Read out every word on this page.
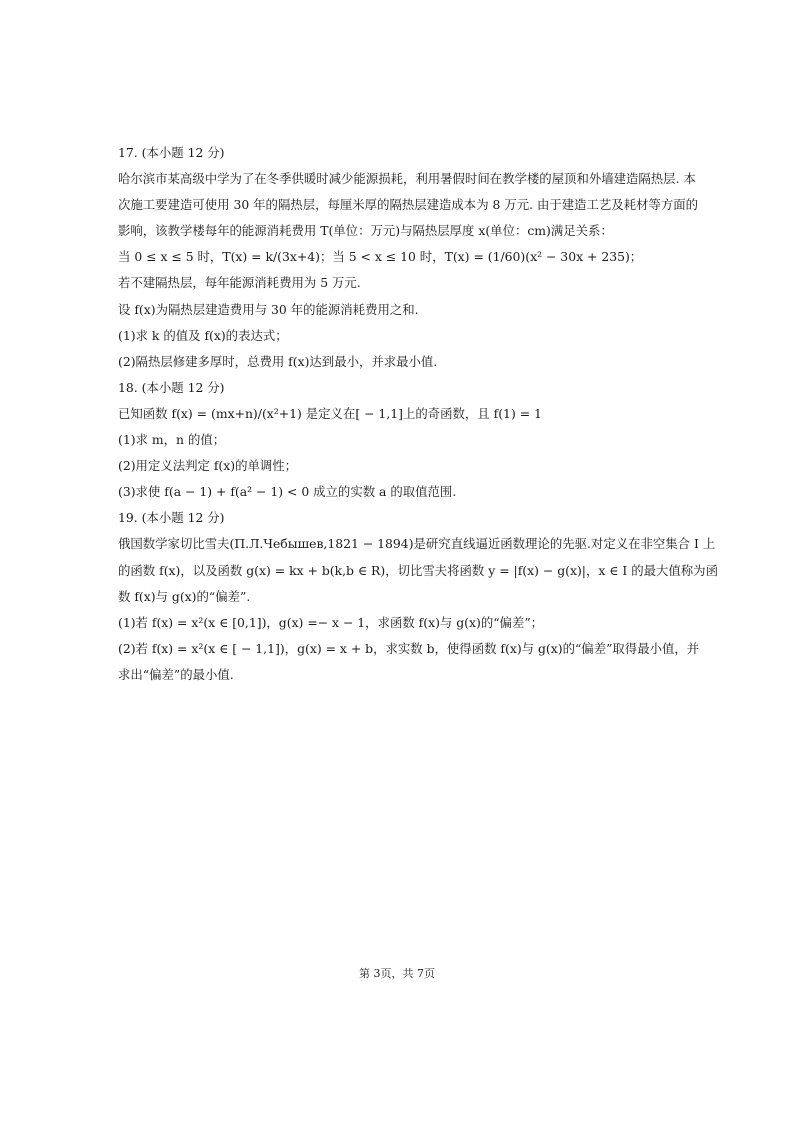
17. (本小题 12 分)
哈尔滨市某高级中学为了在冬季供暖时减少能源损耗，利用暑假时间在教学楼的屋顶和外墙建造隔热层. 本
次施工要建造可使用 30 年的隔热层，每厘米厚的隔热层建造成本为 8 万元. 由于建造工艺及耗材等方面的
影响，该教学楼每年的能源消耗费用 T(单位：万元)与隔热层厚度 x(单位：cm)满足关系：
当 0 ≤ x ≤ 5 时，T(x) = k/(3x+4)；当 5 < x ≤ 10 时，T(x) = (1/60)(x² − 30x + 235)；
若不建隔热层，每年能源消耗费用为 5 万元.
设 f(x)为隔热层建造费用与 30 年的能源消耗费用之和.
(1)求 k 的值及 f(x)的表达式；
(2)隔热层修建多厚时，总费用 f(x)达到最小，并求最小值.
18. (本小题 12 分)
已知函数 f(x) = (mx+n)/(x²+1) 是定义在[ − 1,1]上的奇函数，且 f(1) = 1
(1)求 m，n 的值；
(2)用定义法判定 f(x)的单调性；
(3)求使 f(a − 1) + f(a² − 1) < 0 成立的实数 a 的取值范围.
19. (本小题 12 分)
俄国数学家切比雪夫(П.Л.Чебышев,1821 − 1894)是研究直线逼近函数理论的先驱.对定义在非空集合 I 上
的函数 f(x)，以及函数 g(x) = kx + b(k,b ∈ R)，切比雪夫将函数 y = |f(x) − g(x)|，x ∈ I 的最大值称为函
数 f(x)与 g(x)的“偏差”.
(1)若 f(x) = x²(x ∈ [0,1])，g(x) =− x − 1，求函数 f(x)与 g(x)的“偏差”；
(2)若 f(x) = x²(x ∈ [ − 1,1])，g(x) = x + b，求实数 b，使得函数 f(x)与 g(x)的“偏差”取得最小值，并
求出“偏差”的最小值.
第 3页，共 7页
